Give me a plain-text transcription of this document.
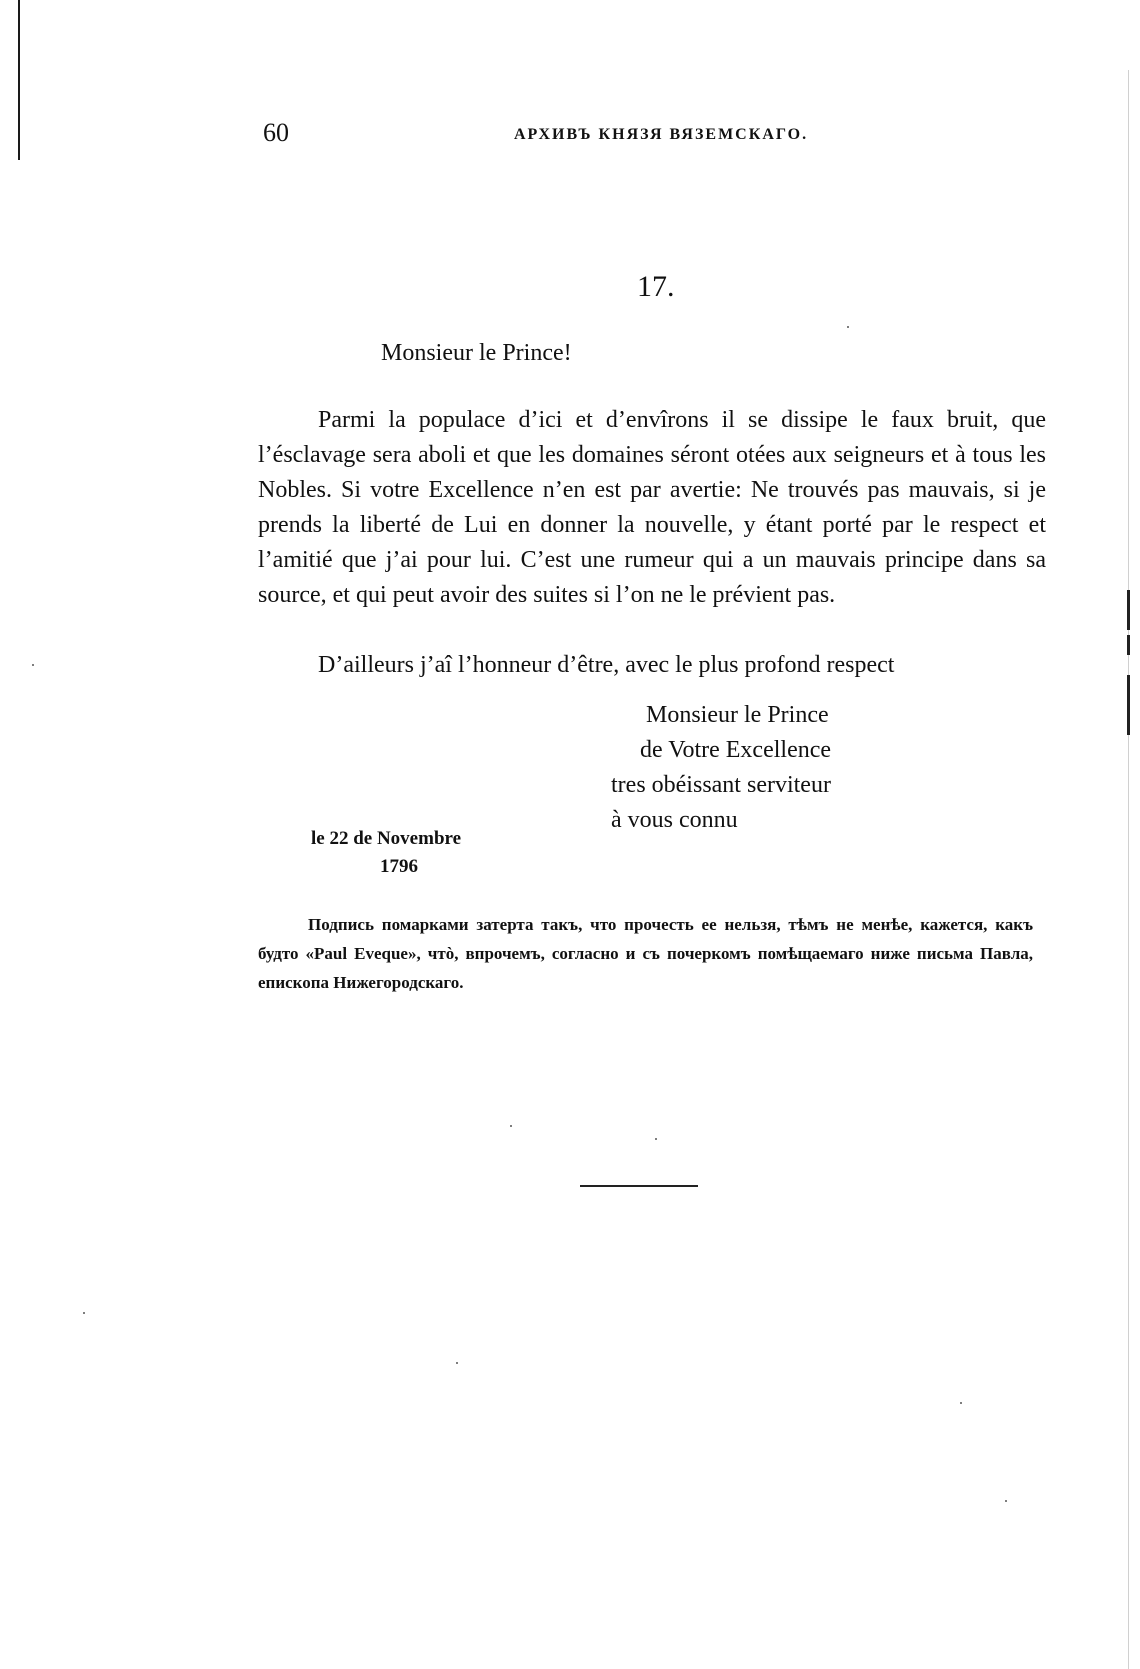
60	АРХИВЪ КНЯЗЯ ВЯЗЕМСКАГО.
17.
Monsieur le Prince!

Parmi la populace d’ici et d’envîrons il se dissipe le faux bruit, que l’ésclavage sera aboli et que les domaines séront otées aux seigneurs et à tous les Nobles. Si votre Excellence n’en est par avertie: Ne trouvés pas mauvais, si je prends la liberté de Lui en donner la nouvelle, y étant porté par le respect et l’amitié que j’ai pour lui. C’est une rumeur qui a un mauvais principe dans sa source, et qui peut avoir des suites si l’on ne le prévient pas.

D’ailleurs j’aî l’honneur d’être, avec le plus profond respect
Monsieur le Prince
de Votre Excellence
tres obéissant serviteur
à vous connu
le 22 de Novembre
1796

Подпись помарками затерта такъ, что прочесть ее нельзя, тѣмъ не менѣе, кажется, какъ будто «Paul Eveque», чтò, впрочемъ, согласно и съ почеркомъ помѣщаемаго ниже письма Павла, епископа Нижегородскаго.
